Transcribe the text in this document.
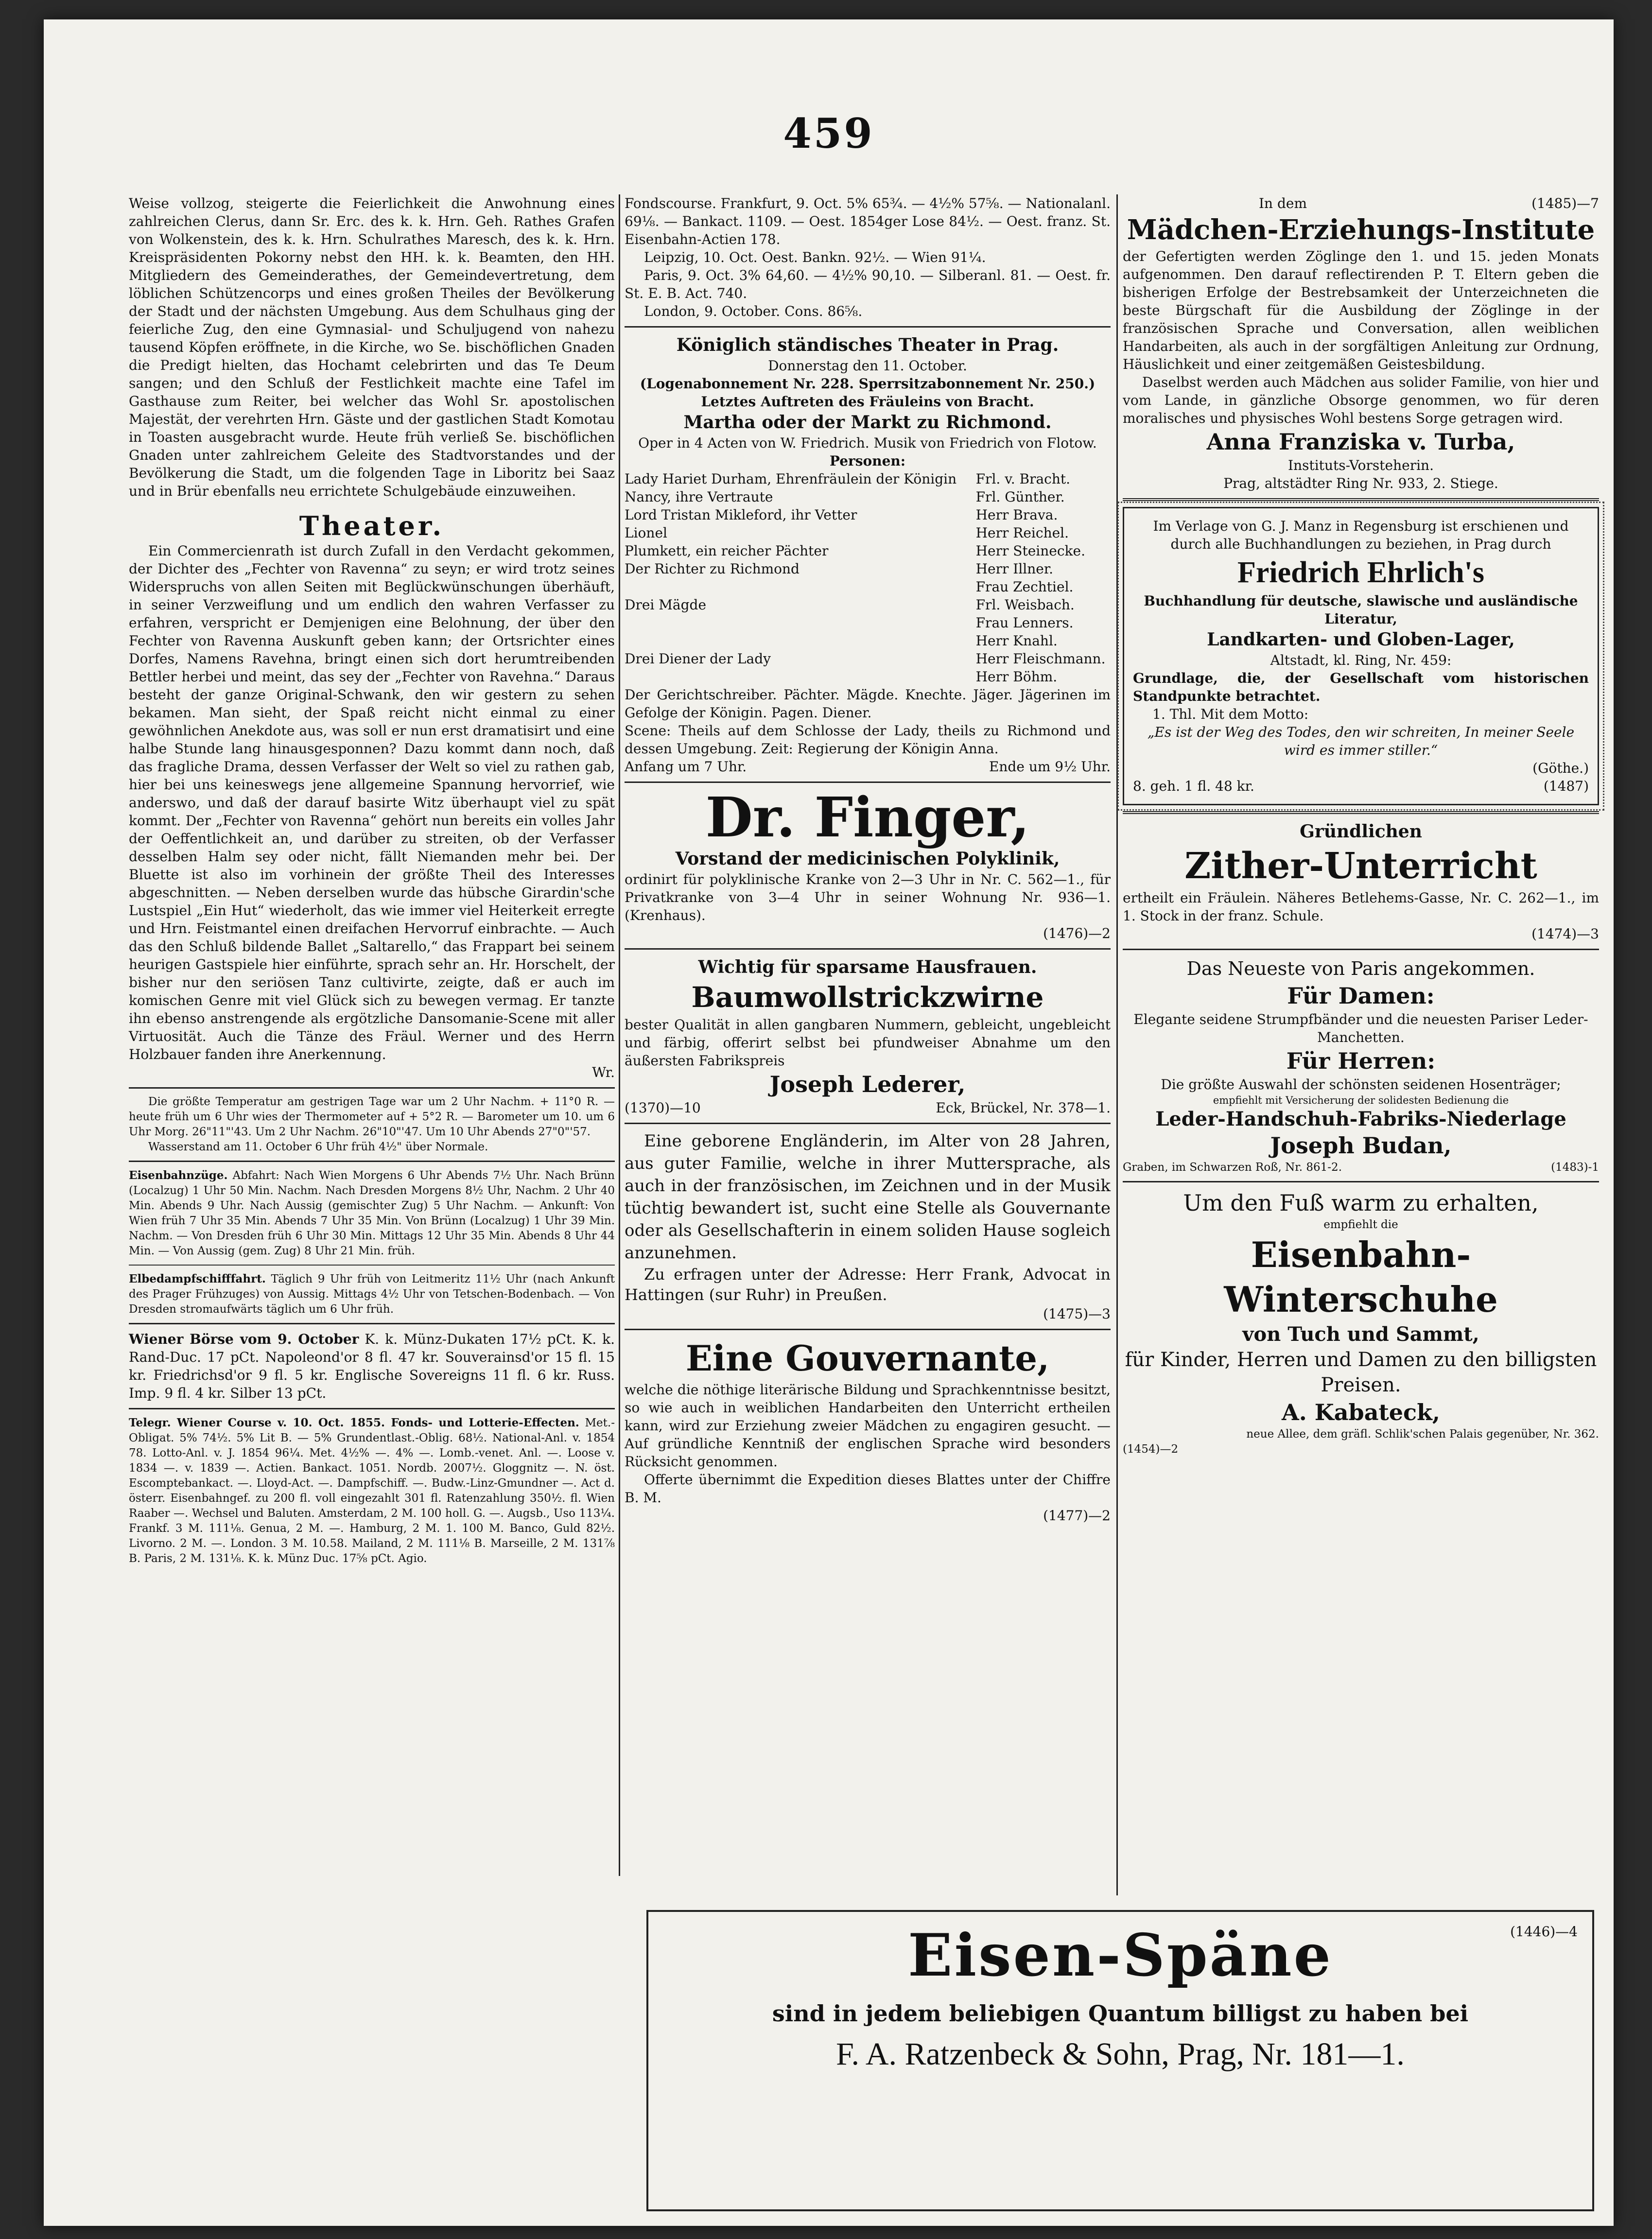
459

Weise vollzog, steigerte die Feierlichkeit die Anwohnung eines zahlreichen Clerus, dann Sr. Erc. des k. k. Hrn. Geh. Rathes Grafen von Wolkenstein, des k. k. Hrn. Schulrathes Maresch, des k. k. Hrn. Kreispräsidenten Pokorny nebst den HH. k. k. Beamten, den HH. Mitgliedern des Gemeinderathes, der Gemeindevertretung, dem löblichen Schützencorps und eines großen Theiles der Bevölkerung der Stadt und der nächsten Umgebung. Aus dem Schulhaus ging der feierliche Zug, den eine Gymnasial- und Schuljugend von nahezu tausend Köpfen eröffnete, in die Kirche, wo Se. bischöflichen Gnaden die Predigt hielten, das Hochamt celebrirten und das Te Deum sangen; und den Schluß der Festlichkeit machte eine Tafel im Gasthause zum Reiter, bei welcher das Wohl Sr. apostolischen Majestät, der verehrten Hrn. Gäste und der gastlichen Stadt Komotau in Toasten ausgebracht wurde. Heute früh verließ Se. bischöflichen Gnaden unter zahlreichem Geleite des Stadtvorstandes und der Bevölkerung die Stadt, um die folgenden Tage in Liboritz bei Saaz und in Brür ebenfalls neu errichtete Schulgebäude einzuweihen.

Theater.

Ein Commercienrath ist durch Zufall in den Verdacht gekommen, der Dichter des „Fechter von Ravenna“ zu seyn; er wird trotz seines Widerspruchs von allen Seiten mit Beglückwünschungen überhäuft, in seiner Verzweiflung und um endlich den wahren Verfasser zu erfahren, verspricht er Demjenigen eine Belohnung, der über den Fechter von Ravenna Auskunft geben kann; der Ortsrichter eines Dorfes, Namens Ravehna, bringt einen sich dort herumtreibenden Bettler herbei und meint, das sey der „Fechter von Ravehna.“ Daraus besteht der ganze Original-Schwank, den wir gestern zu sehen bekamen. Man sieht, der Spaß reicht nicht einmal zu einer gewöhnlichen Anekdote aus, was soll er nun erst dramatisirt und eine halbe Stunde lang hinausgesponnen? Dazu kommt dann noch, daß das fragliche Drama, dessen Verfasser der Welt so viel zu rathen gab, hier bei uns keineswegs jene allgemeine Spannung hervorrief, wie anderswo, und daß der darauf basirte Witz überhaupt viel zu spät kommt. Der „Fechter von Ravenna“ gehört nun bereits ein volles Jahr der Oeffentlichkeit an, und darüber zu streiten, ob der Verfasser desselben Halm sey oder nicht, fällt Niemanden mehr bei. Der Bluette ist also im vorhinein der größte Theil des Interesses abgeschnitten. — Neben derselben wurde das hübsche Girardin'sche Lustspiel „Ein Hut“ wiederholt, das wie immer viel Heiterkeit erregte und Hrn. Feistmantel einen dreifachen Hervorruf einbrachte. — Auch das den Schluß bildende Ballet „Saltarello,“ das Frappart bei seinem heurigen Gastspiele hier einführte, sprach sehr an. Hr. Horschelt, der bisher nur den seriösen Tanz cultivirte, zeigte, daß er auch im komischen Genre mit viel Glück sich zu bewegen vermag. Er tanzte ihn ebenso anstrengende als ergötzliche Dansomanie-Scene mit aller Virtuosität. Auch die Tänze des Fräul. Werner und des Herrn Holzbauer fanden ihre Anerkennung.

Wr.

Die größte Temperatur am gestrigen Tage war um 2 Uhr Nachm. + 11°0 R. — heute früh um 6 Uhr wies der Thermometer auf + 5°2 R. — Barometer um 10. um 6 Uhr Morg. 26"11"'43. Um 2 Uhr Nachm. 26"10"'47. Um 10 Uhr Abends 27"0"'57.

Wasserstand am 11. October 6 Uhr früh 4½" über Normale.

Eisenbahnzüge. Abfahrt: Nach Wien Morgens 6 Uhr Abends 7½ Uhr. Nach Brünn (Localzug) 1 Uhr 50 Min. Nachm. Nach Dresden Morgens 8½ Uhr, Nachm. 2 Uhr 40 Min. Abends 9 Uhr. Nach Aussig (gemischter Zug) 5 Uhr Nachm. — Ankunft: Von Wien früh 7 Uhr 35 Min. Abends 7 Uhr 35 Min. Von Brünn (Localzug) 1 Uhr 39 Min. Nachm. — Von Dresden früh 6 Uhr 30 Min. Mittags 12 Uhr 35 Min. Abends 8 Uhr 44 Min. — Von Aussig (gem. Zug) 8 Uhr 21 Min. früh.

Elbedampfschifffahrt. Täglich 9 Uhr früh von Leitmeritz 11½ Uhr (nach Ankunft des Prager Frühzuges) von Aussig. Mittags 4½ Uhr von Tetschen-Bodenbach. — Von Dresden stromaufwärts täglich um 6 Uhr früh.

Wiener Börse vom 9. October K. k. Münz-Dukaten 17½ pCt. K. k. Rand-Duc. 17 pCt. Napoleond'or 8 fl. 47 kr. Souverainsd'or 15 fl. 15 kr. Friedrichsd'or 9 fl. 5 kr. Englische Sovereigns 11 fl. 6 kr. Russ. Imp. 9 fl. 4 kr. Silber 13 pCt.

Telegr. Wiener Course v. 10. Oct. 1855. Fonds- und Lotterie-Effecten. Met.-Obligat. 5% 74½. 5% Lit B. — 5% Grundentlast.-Oblig. 68½. National-Anl. v. 1854 78. Lotto-Anl. v. J. 1854 96¼. Met. 4½% —. 4% —. Lomb.-venet. Anl. —. Loose v. 1834 —. v. 1839 —. Actien. Bankact. 1051. Nordb. 2007½. Gloggnitz —. N. öst. Escomptebankact. —. Lloyd-Act. —. Dampfschiff. —. Budw.-Linz-Gmundner —. Act d. österr. Eisenbahngef. zu 200 fl. voll eingezahlt 301 fl. Ratenzahlung 350½. fl. Wien Raaber —. Wechsel und Baluten. Amsterdam, 2 M. 100 holl. G. —. Augsb., Uso 113¼. Frankf. 3 M. 111⅛. Genua, 2 M. —. Hamburg, 2 M. 1. 100 M. Banco, Guld 82½. Livorno. 2 M. —. London. 3 M. 10.58. Mailand, 2 M. 111⅛ B. Marseille, 2 M. 131⅞ B. Paris, 2 M. 131⅛. K. k. Münz Duc. 17⅝ pCt. Agio.

Fondscourse. Frankfurt, 9. Oct. 5% 65¾. — 4½% 57⅝. — Nationalanl. 69⅛. — Bankact. 1109. — Oest. 1854ger Lose 84½. — Oest. franz. St. Eisenbahn-Actien 178.

Leipzig, 10. Oct. Oest. Bankn. 92½. — Wien 91¼.

Paris, 9. Oct. 3% 64,60. — 4½% 90,10. — Silberanl. 81. — Oest. fr. St. E. B. Act. 740.

London, 9. October. Cons. 86⅝.

Königlich ständisches Theater in Prag.

Donnerstag den 11. October.

(Logenabonnement Nr. 228. Sperrsitzabonnement Nr. 250.)

Letztes Auftreten des Fräuleins von Bracht.

Martha oder der Markt zu Richmond.

Oper in 4 Acten von W. Friedrich. Musik von Friedrich von Flotow.

Personen:

Lady Hariet Durham, Ehrenfräulein der Königin	Frl. v. Bracht.
Nancy, ihre Vertraute	Frl. Günther.
Lord Tristan Mikleford, ihr Vetter	Herr Brava.
Lionel	Herr Reichel.
Plumkett, ein reicher Pächter	Herr Steinecke.
Der Richter zu Richmond	Herr Illner.
	Frau Zechtiel.
Drei Mägde	Frl. Weisbach.
	Frau Lenners.
	Herr Knahl.
Drei Diener der Lady	Herr Fleischmann.
	Herr Böhm.

Der Gerichtschreiber. Pächter. Mägde. Knechte. Jäger. Jägerinen im Gefolge der Königin. Pagen. Diener.

Scene: Theils auf dem Schlosse der Lady, theils zu Richmond und dessen Umgebung. Zeit: Regierung der Königin Anna.

Anfang um 7 Uhr.	Ende um 9½ Uhr.

Dr. Finger,
Vorstand der medicinischen Polyklinik,

ordinirt für polyklinische Kranke von 2—3 Uhr in Nr. C. 562—1., für Privatkranke von 3—4 Uhr in seiner Wohnung Nr. 936—1. (Krenhaus).

(1476)—2

Wichtig für sparsame Hausfrauen.
Baumwollstrickzwirne

bester Qualität in allen gangbaren Nummern, gebleicht, ungebleicht und färbig, offerirt selbst bei pfundweiser Abnahme um den äußersten Fabrikspreis

Joseph Lederer,

(1370)—10	Eck, Brückel, Nr. 378—1.

Eine geborene Engländerin, im Alter von 28 Jahren, aus guter Familie, welche in ihrer Muttersprache, als auch in der französischen, im Zeichnen und in der Musik tüchtig bewandert ist, sucht eine Stelle als Gouvernante oder als Gesellschafterin in einem soliden Hause sogleich anzunehmen.

Zu erfragen unter der Adresse: Herr Frank, Advocat in Hattingen (sur Ruhr) in Preußen.

(1475)—3

Eine Gouvernante,

welche die nöthige literärische Bildung und Sprachkenntnisse besitzt, so wie auch in weiblichen Handarbeiten den Unterricht ertheilen kann, wird zur Erziehung zweier Mädchen zu engagiren gesucht. — Auf gründliche Kenntniß der englischen Sprache wird besonders Rücksicht genommen.

Offerte übernimmt die Expedition dieses Blattes unter der Chiffre B. M.

(1477)—2

In dem	(1485)—7

Mädchen-Erziehungs-Institute

der Gefertigten werden Zöglinge den 1. und 15. jeden Monats aufgenommen. Den darauf reflectirenden P. T. Eltern geben die bisherigen Erfolge der Bestrebsamkeit der Unterzeichneten die beste Bürgschaft für die Ausbildung der Zöglinge in der französischen Sprache und Conversation, allen weiblichen Handarbeiten, als auch in der sorgfältigen Anleitung zur Ordnung, Häuslichkeit und einer zeitgemäßen Geistesbildung.

Daselbst werden auch Mädchen aus solider Familie, von hier und vom Lande, in gänzliche Obsorge genommen, wo für deren moralisches und physisches Wohl bestens Sorge getragen wird.

Anna Franziska v. Turba,

Instituts-Vorsteherin.

Prag, altstädter Ring Nr. 933, 2. Stiege.

Im Verlage von G. J. Manz in Regensburg ist erschienen und durch alle Buchhandlungen zu beziehen, in Prag durch

Friedrich Ehrlich's

Buchhandlung für deutsche, slawische und ausländische Literatur,

Landkarten- und Globen-Lager,

Altstadt, kl. Ring, Nr. 459:

Grundlage, die, der Gesellschaft vom historischen Standpunkte betrachtet.

1. Thl. Mit dem Motto:

„Es ist der Weg des Todes, den wir schreiten, In meiner Seele wird es immer stiller.“

(Göthe.)

8. geh. 1 fl. 48 kr.	(1487)

Gründlichen
Zither-Unterricht

ertheilt ein Fräulein. Näheres Betlehems-Gasse, Nr. C. 262—1., im 1. Stock in der franz. Schule.

(1474)—3

Das Neueste von Paris angekommen.

Für Damen:

Elegante seidene Strumpfbänder und die neuesten Pariser Leder-Manchetten.

Für Herren:

Die größte Auswahl der schönsten seidenen Hosenträger;

empfiehlt mit Versicherung der solidesten Bedienung die

Leder-Handschuh-Fabriks-Niederlage
Joseph Budan,

Graben, im Schwarzen Roß, Nr. 861-2.	(1483)-1

Um den Fuß warm zu erhalten,

empfiehlt die

Eisenbahn-Winterschuhe

von Tuch und Sammt,

für Kinder, Herren und Damen zu den billigsten Preisen.

A. Kabateck,

neue Allee, dem gräfl. Schlik'schen Palais gegenüber, Nr. 362.

(1454)—2

(1446)—4
Eisen-Späne
sind in jedem beliebigen Quantum billigst zu haben bei
F. A. Ratzenbeck & Sohn, Prag, Nr. 181—1.
